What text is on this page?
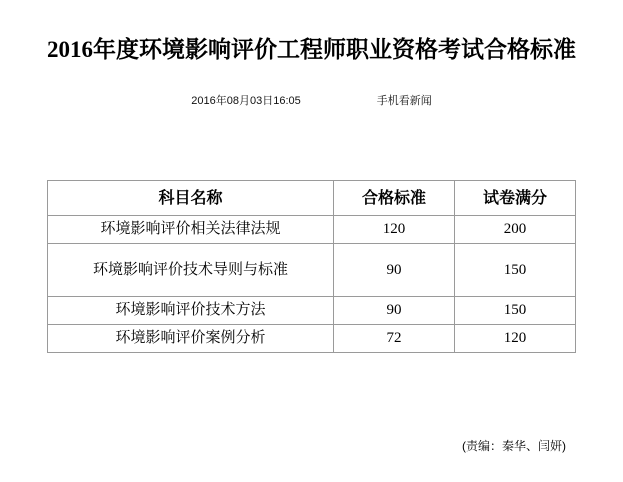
2016年度环境影响评价工程师职业资格考试合格标准
2016年08月03日16:05	手机看新闻
科目名称	合格标准	试卷满分
环境影响评价相关法律法规	120	200
环境影响评价技术导则与标准	90	150
环境影响评价技术方法	90	150
环境影响评价案例分析	72	120
(责编：秦华、闫妍)
